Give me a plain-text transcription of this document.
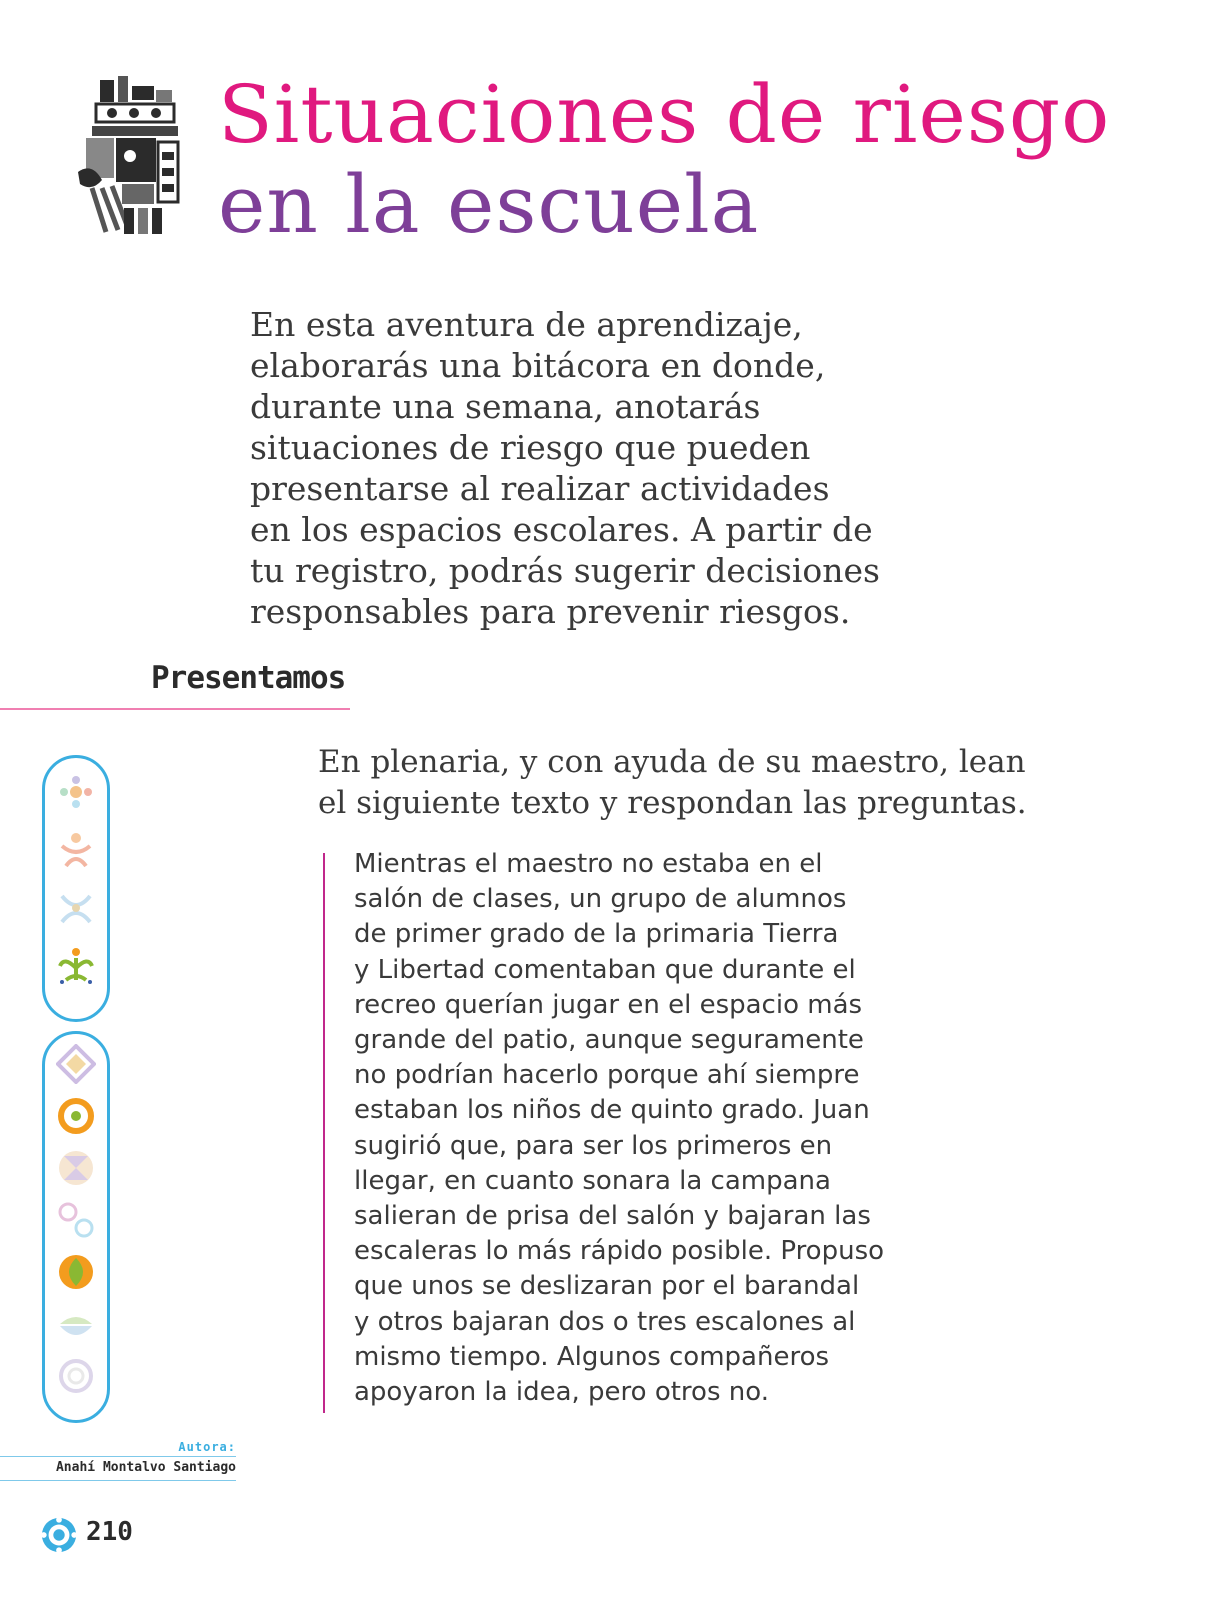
Situaciones de riesgo
en la escuela
En esta aventura de aprendizaje,
elaborarás una bitácora en donde,
durante una semana, anotarás
situaciones de riesgo que pueden
presentarse al realizar actividades
en los espacios escolares. A partir de
tu registro, podrás sugerir decisiones
responsables para prevenir riesgos.
Presentamos
En plenaria, y con ayuda de su maestro, lean
el siguiente texto y respondan las preguntas.
Mientras el maestro no estaba en el
salón de clases, un grupo de alumnos
de primer grado de la primaria Tierra
y Libertad comentaban que durante el
recreo querían jugar en el espacio más
grande del patio, aunque seguramente
no podrían hacerlo porque ahí siempre
estaban los niños de quinto grado. Juan
sugirió que, para ser los primeros en
llegar, en cuanto sonara la campana
salieran de prisa del salón y bajaran las
escaleras lo más rápido posible. Propuso
que unos se deslizaran por el barandal
y otros bajaran dos o tres escalones al
mismo tiempo. Algunos compañeros
apoyaron la idea, pero otros no.
Autora:
Anahí Montalvo Santiago
210
